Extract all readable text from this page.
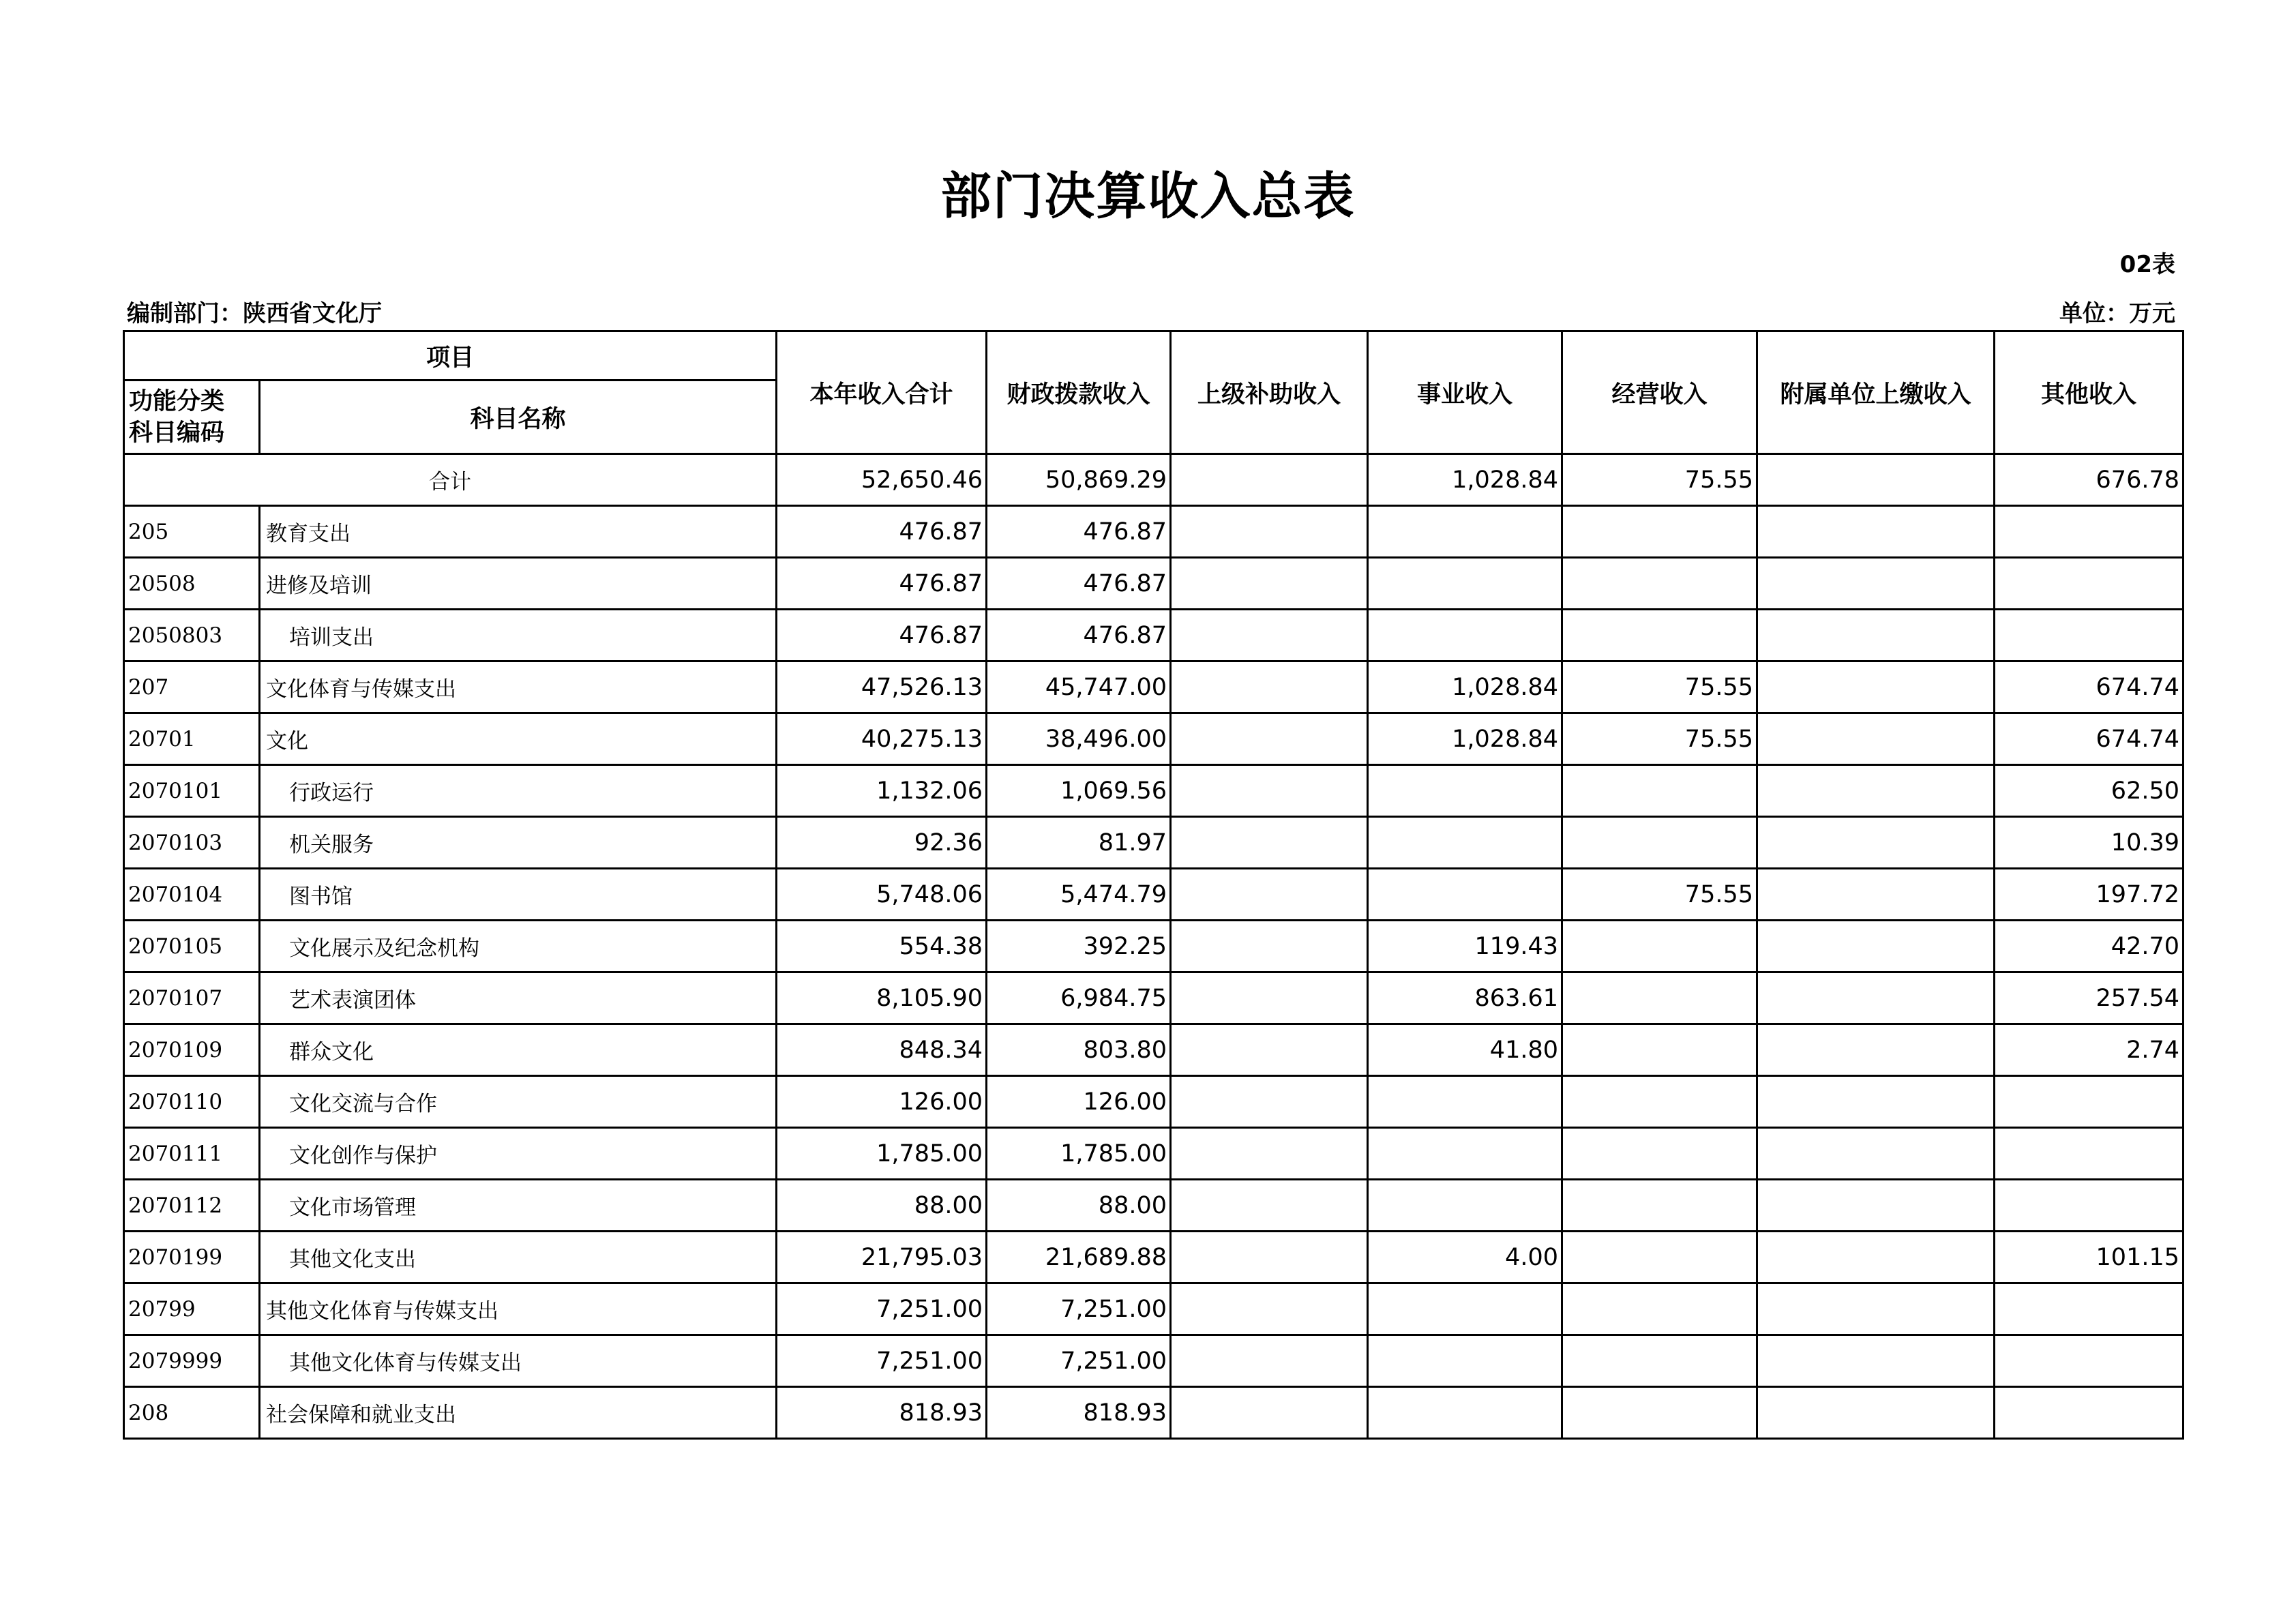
部门决算收入总表
02表
编制部门：陕西省文化厅	单位：万元
项目		本年收入合计	财政拨款收入	上级补助收入	事业收入	经营收入	附属单位上缴收入	其他收入
功能分类
科目编码	科目名称							
合计		52,650.46	50,869.29		1,028.84	75.55		676.78
205	教育支出	476.87	476.87					
20508	进修及培训	476.87	476.87					
2050803	培训支出	476.87	476.87					
207	文化体育与传媒支出	47,526.13	45,747.00		1,028.84	75.55		674.74
20701	文化	40,275.13	38,496.00		1,028.84	75.55		674.74
2070101	行政运行	1,132.06	1,069.56					62.50
2070103	机关服务	92.36	81.97					10.39
2070104	图书馆	5,748.06	5,474.79			75.55		197.72
2070105	文化展示及纪念机构	554.38	392.25		119.43			42.70
2070107	艺术表演团体	8,105.90	6,984.75		863.61			257.54
2070109	群众文化	848.34	803.80		41.80			2.74
2070110	文化交流与合作	126.00	126.00					
2070111	文化创作与保护	1,785.00	1,785.00					
2070112	文化市场管理	88.00	88.00					
2070199	其他文化支出	21,795.03	21,689.88		4.00			101.15
20799	其他文化体育与传媒支出	7,251.00	7,251.00					
2079999	其他文化体育与传媒支出	7,251.00	7,251.00					
208	社会保障和就业支出	818.93	818.93					
